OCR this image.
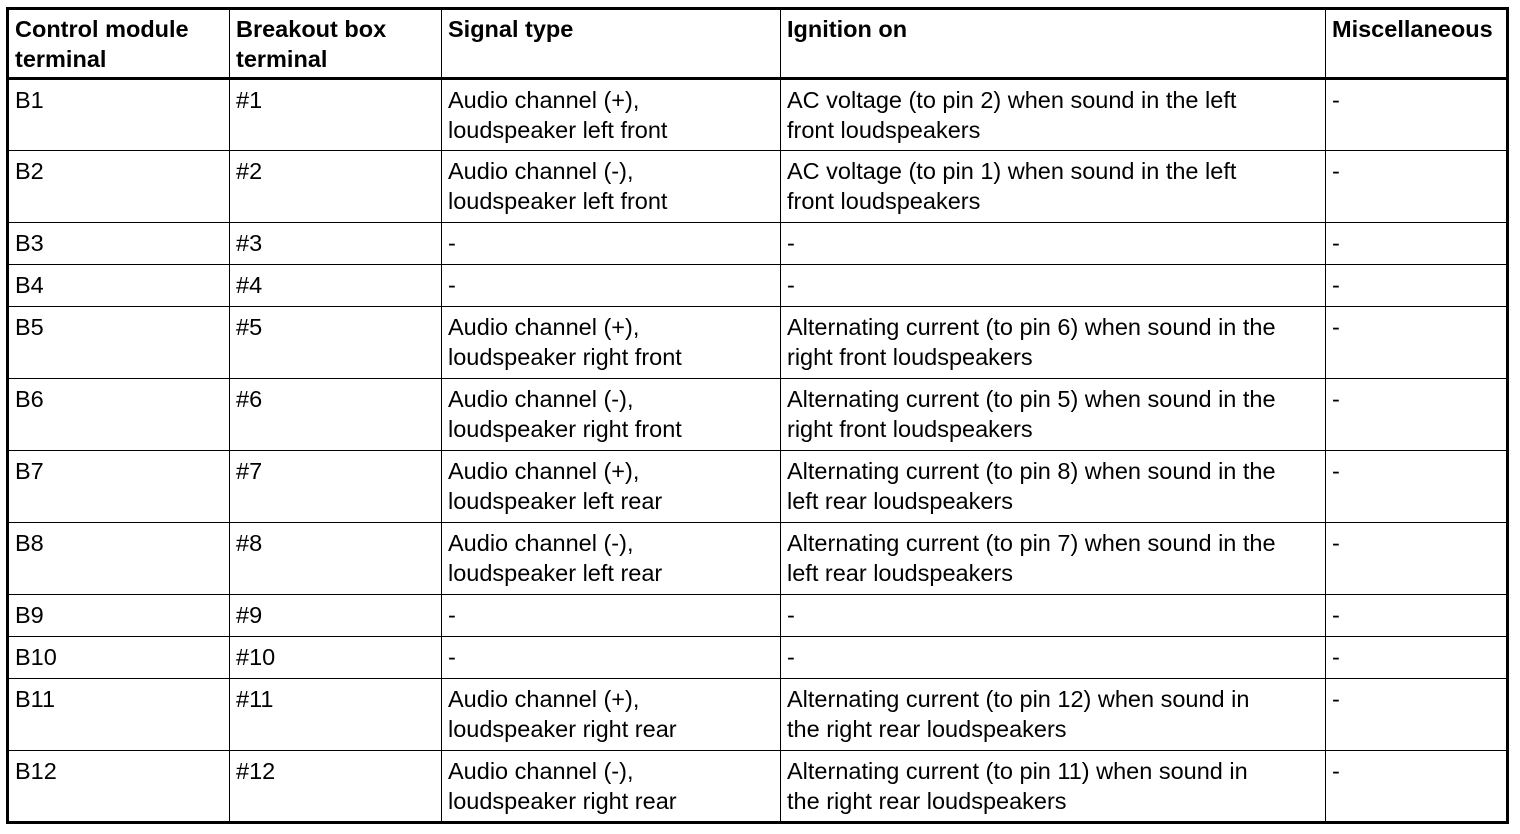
Control module
terminal	Breakout box
terminal	Signal type	Ignition on	Miscellaneous
B1	#1	Audio channel (+),
loudspeaker left front	AC voltage (to pin 2) when sound in the left
front loudspeakers	-
B2	#2	Audio channel (-),
loudspeaker left front	AC voltage (to pin 1) when sound in the left
front loudspeakers	-
B3	#3	-	-	-
B4	#4	-	-	-
B5	#5	Audio channel (+),
loudspeaker right front	Alternating current (to pin 6) when sound in the
right front loudspeakers	-
B6	#6	Audio channel (-),
loudspeaker right front	Alternating current (to pin 5) when sound in the
right front loudspeakers	-
B7	#7	Audio channel (+),
loudspeaker left rear	Alternating current (to pin 8) when sound in the
left rear loudspeakers	-
B8	#8	Audio channel (-),
loudspeaker left rear	Alternating current (to pin 7) when sound in the
left rear loudspeakers	-
B9	#9	-	-	-
B10	#10	-	-	-
B11	#11	Audio channel (+),
loudspeaker right rear	Alternating current (to pin 12) when sound in
the right rear loudspeakers	-
B12	#12	Audio channel (-),
loudspeaker right rear	Alternating current (to pin 11) when sound in
the right rear loudspeakers	-
